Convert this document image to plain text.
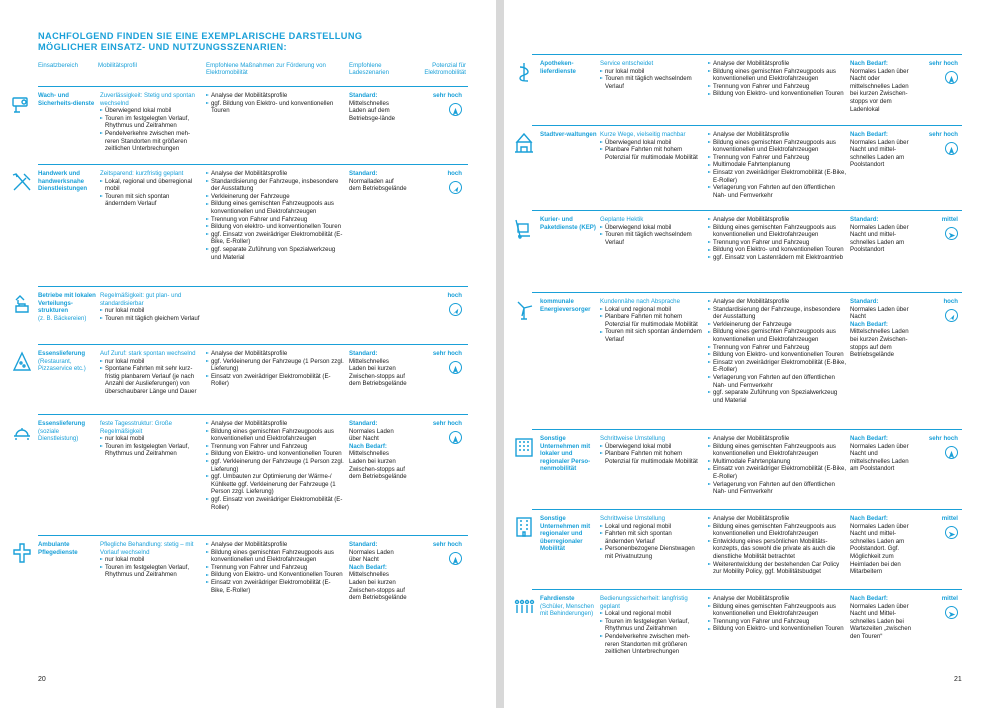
NACHFOLGEND FINDEN SIE EINE EXEMPLARISCHE DARSTELLUNG
MÖGLICHER EINSATZ- UND NUTZUNGSSZENARIEN:
Einsatzbereich	Mobilitätsprofil	Empfohlene Maßnahmen zur Förderung von Elektromobilität
Empfohlene Ladeszenarien
Potenzial für Elektromobilität
Wach- und Sicherheits-dienste
Zuverlässigkeit: Stetig und spontan wechselnd
Überwiegend lokal mobil
Touren im festgelegten Verlauf, Rhythmus und Zeitrahmen
Pendelverkehre zwischen meh-reren Standorten mit größeren zeitlichen Unterbrechungen
Analyse der Mobilitätsprofile
ggf. Bildung von Elektro- und konventionellen Touren
Standard:
Mittelschnelles Laden auf dem Betriebsge-lände
sehr hoch
Handwerk und handwerksnahe Dienstleistungen
Zeitsparend: kurzfristig geplant
Lokal, regional und überregional mobil
Touren mit sich spontan änderndem Verlauf
Analyse der Mobilitätsprofile
Standardisierung der Fahrzeuge, insbesondere der Ausstattung
Verkleinerung der Fahrzeuge
Bildung eines gemischten Fahrzeugpools aus konventionellen und Elektrofahrzeugen
Trennung von Fahrer und Fahrzeug
Bildung von elektro- und konventionellen Touren
ggf. Einsatz von zweirädriger Elektromobilität (E-Bike, E-Roller)
ggf. separate Zuführung von Spezialwerkzeug und Material
Standard:
Normalladen auf dem Betriebsgelände
hoch
Betriebe mit lokalen Verteilungs-strukturen
(z. B. Bäckereien)
Regelmäßigkeit: gut plan- und standardisierbar
nur lokal mobil
Touren mit täglich gleichem Verlauf
hoch
Essenslieferung
(Restaurant, Pizzaservice etc.)
Auf Zuruf: stark spontan wechselnd
nur lokal mobil
Spontane Fahrten mit sehr kurz-fristig planbarem Verlauf (je nach Anzahl der Auslieferungen) von überschaubarer Länge und Dauer
Analyse der Mobilitätsprofile
ggf. Verkleinerung der Fahrzeuge (1 Person zzgl. Lieferung)
Einsatz von zweirädriger Elektromobilität (E-Roller)
Standard:
Mittelschnelles Laden bei kurzen Zwischen-stopps auf dem Betriebsgelände
sehr hoch
Essenslieferung
(soziale Dienstleistung)
feste Tagesstruktur: Große Regelmäßigkeit
nur lokal mobil
Touren im festgelegten Verlauf, Rhythmus und Zeitrahmen
Analyse der Mobilitätsprofile
Bildung eines gemischten Fahrzeugpools aus konventionellen und Elektrofahrzeugen
Trennung von Fahrer und Fahrzeug
Bildung von Elektro- und konventionellen Touren
ggf. Verkleinerung der Fahrzeuge (1 Person zzgl. Lieferung)
ggf. Umbauten zur Optimierung der Wärme-/ Kühlkette ggf. Verkleinerung der Fahrzeuge (1 Person zzgl. Lieferung)
ggf. Einsatz von zweirädriger Elektromobilität (E-Roller)
Standard:
Normales Laden über Nacht
Nach Bedarf:
Mittelschnelles Laden bei kurzen Zwischen-stopps auf dem Betriebsgelände
sehr hoch
Ambulante Pflegedienste
Pflegliche Behandlung: stetig – mit Vorlauf wechselnd
nur lokal mobil
Touren im festgelegten Verlauf, Rhythmus und Zeitrahmen
Analyse der Mobilitätsprofile
Bildung eines gemischten Fahrzeugpools aus konventionellen und Elektrofahrzeugen
Trennung von Fahrer und Fahrzeug
Bildung von Elektro- und Konventionellen Touren
Einsatz von zweirädriger Elektromobilität (E-Bike, E-Roller)
Standard:
Normales Laden über Nacht
Nach Bedarf:
Mittelschnelles Laden bei kurzen Zwischen-stopps auf dem Betriebsgelände
sehr hoch
20
Apotheken-lieferdienste
Service entscheidet
nur lokal mobil
Touren mit täglich wechselndem Verlauf
Analyse der Mobilitätsprofile
Bildung eines gemischten Fahrzeugpools aus konventionellen und Elektrofahrzeugen
Trennung von Fahrer und Fahrzeug
Bildung von Elektro- und konventionellen Touren
Nach Bedarf:
Normales Laden über Nacht oder mittelschnelles Laden bei kurzen Zwischen-stopps vor dem Ladenlokal
sehr hoch
Stadtver-waltungen Kurze Wege, vielseitig machbar
Überwiegend lokal mobil
Planbare Fahrten mit hohem Potenzial für multimodale Mobilität
Analyse der Mobilitätsprofile
Bildung eines gemischten Fahrzeugpools aus konventionellen und Elektrofahrzeugen
Trennung von Fahrer und Fahrzeug
Multimodale Fahrtenplanung
Einsatz von zweirädriger Elektromobilität (E-Bike, E-Roller)
Verlagerung von Fahrten auf den öffentlichen Nah- und Fernverkehr
Nach Bedarf:
Normales Laden über Nacht und mittel-schnelles Laden am Poolstandort
sehr hoch
Kurier- und Paketdienste (KEP)
Geplante Hektik
Überwiegend lokal mobil
Touren mit täglich wechselndem Verlauf
Analyse der Mobilitätsprofile
Bildung eines gemischten Fahrzeugpools aus konventionellen und Elektrofahrzeugen
Trennung von Fahrer und Fahrzeug
Bildung von Elektro- und konventionellen Touren
ggf. Einsatz von Lastenrädern mit Elektroantrieb
Standard:
Normales Laden über Nacht und mittel-schnelles Laden am Poolstandort
mittel
kommunale Energieversorger
Kundennähe nach Absprache
Lokal und regional mobil
Planbare Fahrten mit hohem Potenzial für multimodale Mobilität
Touren mit sich spontan änderndem Verlauf
Analyse der Mobilitätsprofile
Standardisierung der Fahrzeuge, insbesondere der Ausstattung
Verkleinerung der Fahrzeuge
Bildung eines gemischten Fahrzeugpools aus konventionellen und Elektrofahrzeugen
Trennung von Fahrer und Fahrzeug
Bildung von Elektro- und konventionellen Touren
Einsatz von zweirädriger Elektromobilität (E-Bike, E-Roller)
Verlagerung von Fahrten auf den öffentlichen Nah- und Fernverkehr
ggf. separate Zuführung von Spezialwerkzeug und Material
Standard:
Normales Laden über Nacht
Nach Bedarf:
Mittelschnelles Laden bei kurzen Zwischen-stopps auf dem Betriebsgelände
hoch
Sonstige Unternehmen mit lokaler und regionaler Perso-nenmobilität
Schrittweise Umstellung
Überwiegend lokal mobil
Planbare Fahrten mit hohem Potenzial für multimodale Mobilität
Analyse der Mobilitätsprofile
Bildung eines gemischten Fahrzeugpools aus konventionellen und Elektrofahrzeugen
Multimodale Fahrtenplanung
Einsatz von zweirädriger Elektromobilität (E-Bike, E-Roller)
Verlagerung von Fahrten auf den öffentlichen Nah- und Fernverkehr
Nach Bedarf:
Normales Laden über Nacht und mittelschnelles Laden am Poolstandort
sehr hoch
Sonstige Unternehmen mit regionaler und überregionaler Mobilität
Schrittweise Umstellung
Lokal und regional mobil
Fahrten mit sich spontan ändernden Verlauf
Personenbezogene Dienstwagen mit Privatnutzung
Analyse der Mobilitätsprofile
Bildung eines gemischten Fahrzeugpools aus konventionellen und Elektrofahrzeugen
Entwicklung eines persönlichen Mobilitäts-konzepts, das sowohl die private als auch die dienstliche Mobilität betrachtet
Weiterentwicklung der bestehenden Car Policy zur Mobility Policy, ggf. Mobilitätsbudget
Nach Bedarf:
Normales Laden über Nacht und mittel-schnelles Laden am Poolstandort. Ggf. Möglichkeit zum Heimladen bei den Mitarbeitern
mittel
Fahrdienste
(Schüler, Menschen mit Behinderungen)
Bedienungssicherheit: langfristig geplant
Lokal und regional mobil
Touren im festgelegten Verlauf, Rhythmus und Zeitrahmen
Pendelverkehre zwischen meh-reren Standorten mit größeren zeitlichen Unterbrechungen
Analyse der Mobilitätsprofile
Bildung eines gemischten Fahrzeugpools aus konventionellen und Elektrofahrzeugen
Trennung von Fahrer und Fahrzeug
Bildung von Elektro- und konventionellen Touren
Nach Bedarf:
Normales Laden über Nacht und Mittel-schnelles Laden bei Wartezeiten „zwischen den Touren“
mittel
21
